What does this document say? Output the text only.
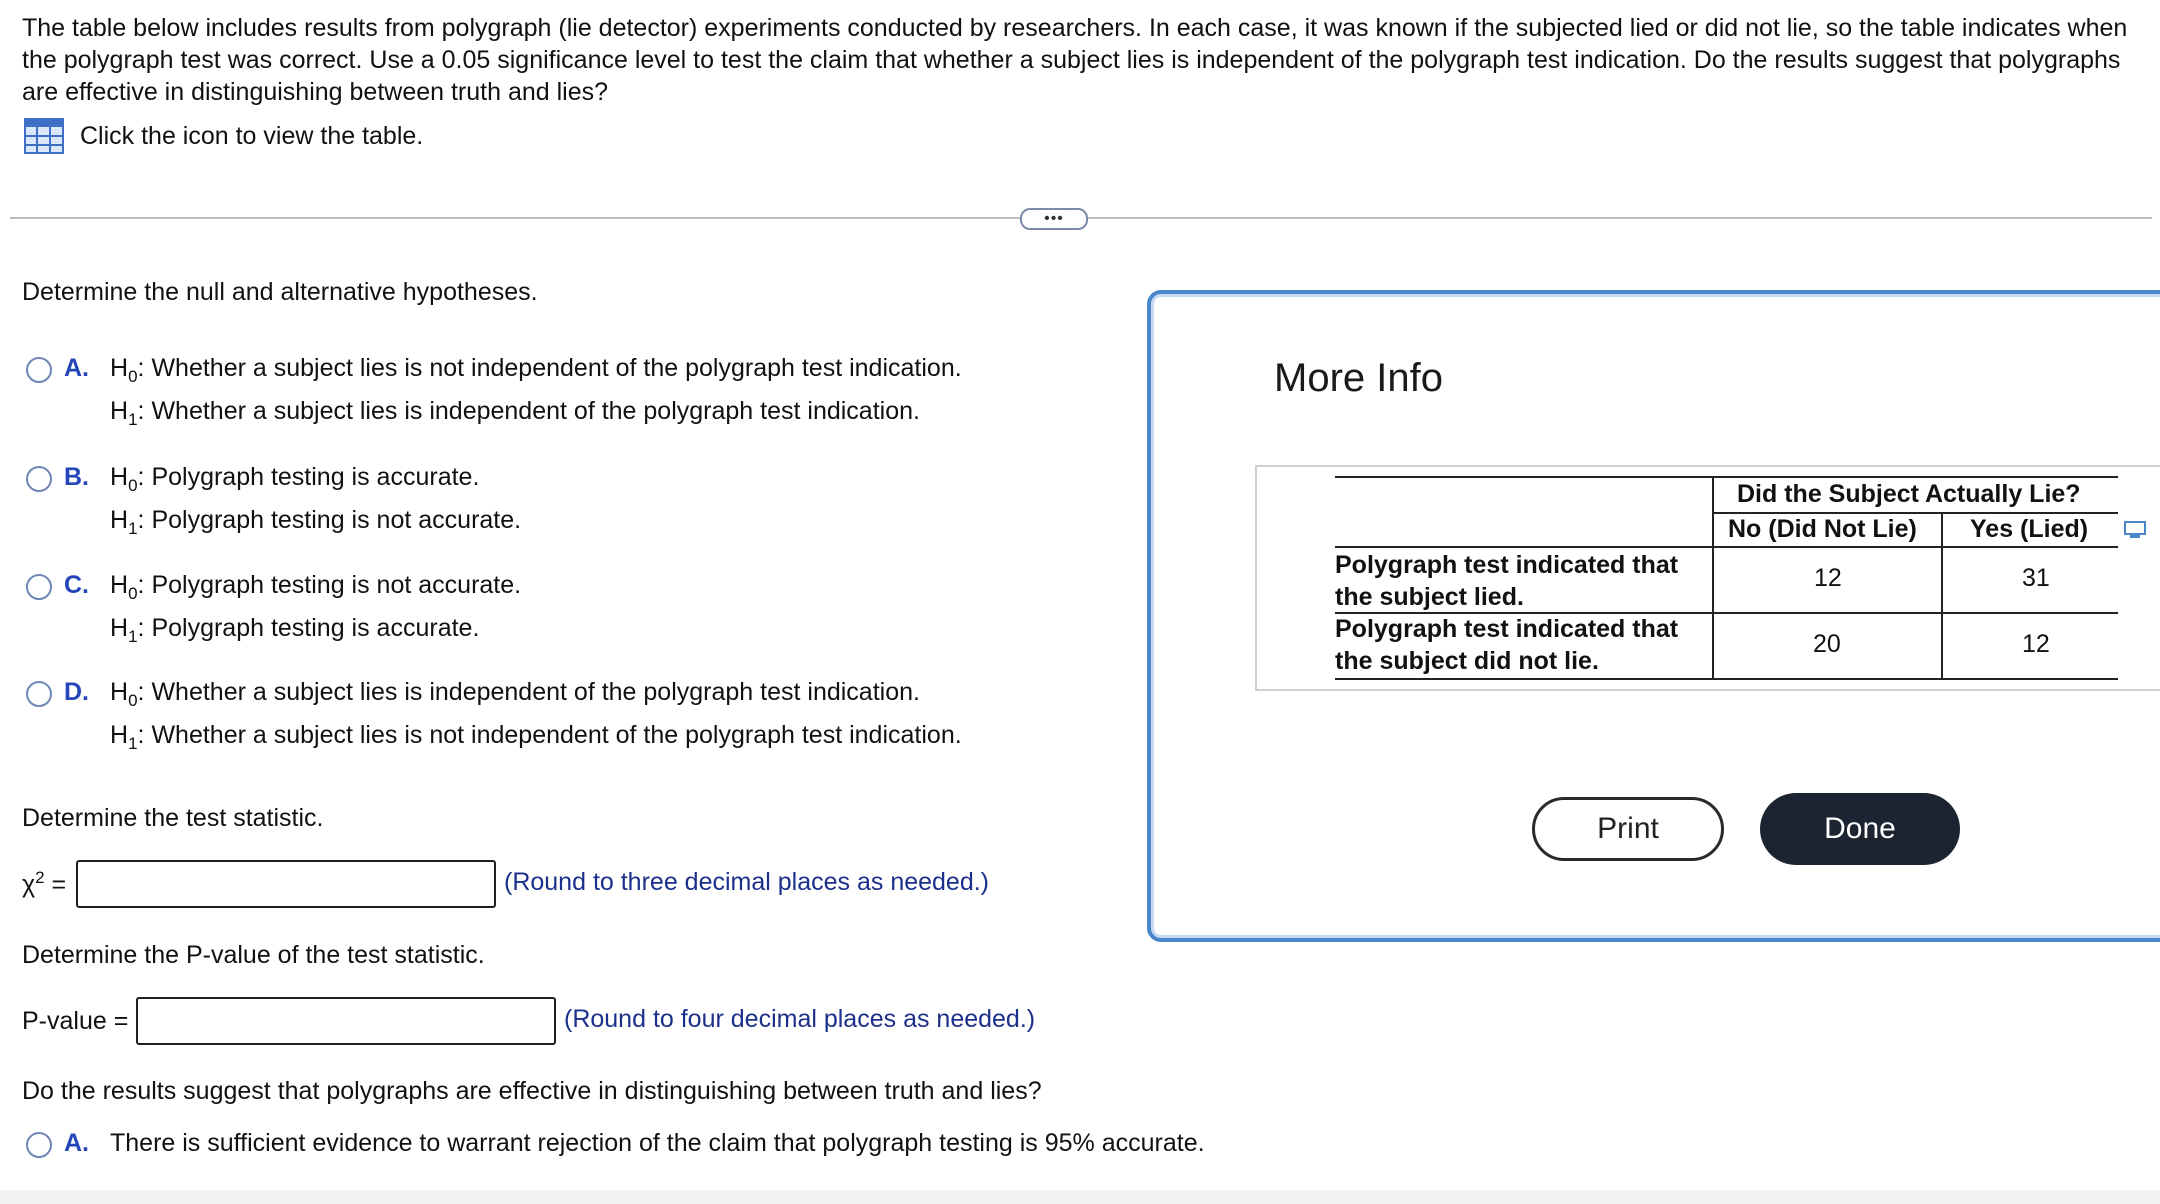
The table below includes results from polygraph (lie detector) experiments conducted by researchers. In each case, it was known if the subjected lied or did not lie, so the table indicates when the polygraph test was correct. Use a 0.05 significance level to test the claim that whether a subject lies is independent of the polygraph test indication. Do the results suggest that polygraphs are effective in distinguishing between truth and lies?
Click the icon to view the table.
•••
Determine the null and alternative hypotheses.
A. $H_0$: Whether a subject lies is not independent of the polygraph test indication.
$H_1$: Whether a subject lies is independent of the polygraph test indication.
B. $H_0$: Polygraph testing is accurate.
$H_1$: Polygraph testing is not accurate.
C. $H_0$: Polygraph testing is not accurate.
$H_1$: Polygraph testing is accurate.
D. $H_0$: Whether a subject lies is independent of the polygraph test indication.
$H_1$: Whether a subject lies is not independent of the polygraph test indication.
Determine the test statistic.
$\chi^2$ =	(Round to three decimal places as needed.)
Determine the P-value of the test statistic.
P-value =	(Round to four decimal places as needed.)
Do the results suggest that polygraphs are effective in distinguishing between truth and lies?
A. There is sufficient evidence to warrant rejection of the claim that polygraph testing is 95% accurate.
More Info
Did the Subject Actually Lie?
No (Did Not Lie) Yes (Lied)
Polygraph test indicated that
the subject lied.
12	31
Polygraph test indicated that
the subject did not lie.
20	12
Print	Done
